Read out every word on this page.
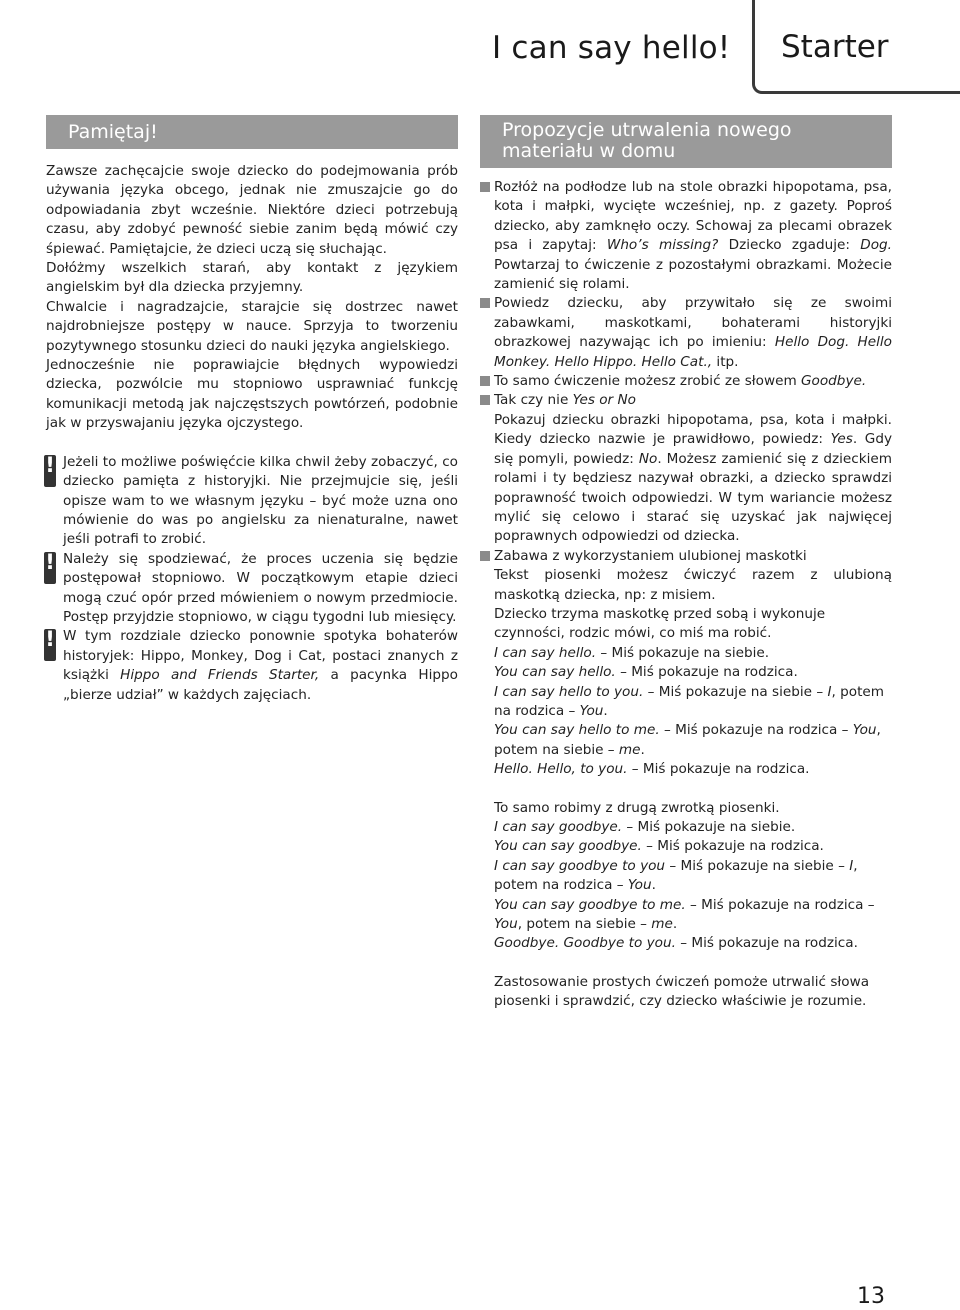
I can say hello! Starter
Pamiętaj!

Zawsze zachęcajcie swoje dziecko do podejmowania prób używania języka obcego, jednak nie zmuszajcie go do odpowiadania zbyt wcześnie. Niektóre dzieci potrzebują czasu, aby zdobyć pewność siebie zanim będą mówić czy śpiewać. Pamiętajcie, że dzieci uczą się słuchając.

Dołóżmy wszelkich starań, aby kontakt z językiem angielskim był dla dziecka przyjemny.

Chwalcie i nagradzajcie, starajcie się dostrzec nawet najdrobniejsze postępy w nauce. Sprzyja to tworzeniu pozytywnego stosunku dzieci do nauki języka angielskiego.

Jednocześnie nie poprawiajcie błędnych wypowiedzi dziecka, pozwólcie mu stopniowo usprawniać funkcję komunikacji metodą jak najczęstszych powtórzeń, podobnie jak w przyswajaniu języka ojczystego.

!
Jeżeli to możliwe poświęćcie kilka chwil żeby zobaczyć, co dziecko pamięta z historyjki. Nie przejmujcie się, jeśli opisze wam to we własnym języku – być może uzna ono mówienie do was po angielsku za nienaturalne, nawet jeśli potrafi to zrobić.

!
Należy się spodziewać, że proces uczenia się będzie postępował stopniowo. W początkowym etapie dzieci mogą czuć opór przed mówieniem o nowym przedmiocie. Postęp przyjdzie stopniowo, w ciągu tygodni lub miesięcy.

!
W tym rozdziale dziecko ponownie spotyka bohaterów historyjek: Hippo, Monkey, Dog i Cat, postaci znanych z książki Hippo and Friends Starter, a pacynka Hippo „bierze udział” w każdych zajęciach.

Propozycje utrwalenia nowego
materiału w domu

Rozłóż na podłodze lub na stole obrazki hipopotama, psa, kota i małpki, wycięte wcześniej, np. z gazety. Poproś dziecko, aby zamknęło oczy. Schowaj za plecami obrazek psa i zapytaj: Who’s missing? Dziecko zgaduje: Dog. Powtarzaj to ćwiczenie z pozostałymi obrazkami. Możecie zamienić się rolami.

Powiedz dziecku, aby przywitało się ze swoimi zabawkami, maskotkami, bohaterami historyjki obrazkowej nazywając ich po imieniu: Hello Dog. Hello Monkey. Hello Hippo. Hello Cat., itp.

To samo ćwiczenie możesz zrobić ze słowem Goodbye.

Tak czy nie Yes or No

Pokazuj dziecku obrazki hipopotama, psa, kota i małpki. Kiedy dziecko nazwie je prawidłowo, powiedz: Yes. Gdy się pomyli, powiedz: No. Możesz zamienić się z dzieckiem rolami i ty będziesz nazywał obrazki, a dziecko sprawdzi poprawność twoich odpowiedzi. W tym wariancie możesz mylić się celowo i starać się uzyskać jak najwięcej poprawnych odpowiedzi od dziecka.

Zabawa z wykorzystaniem ulubionej maskotki

Tekst piosenki możesz ćwiczyć razem z ulubioną maskotką dziecka, np: z misiem.

Dziecko trzyma maskotkę przed sobą i wykonuje czynności, rodzic mówi, co miś ma robić.

I can say hello. – Miś pokazuje na siebie.

You can say hello. – Miś pokazuje na rodzica.

I can say hello to you. – Miś pokazuje na siebie – I, potem na rodzica – You.

You can say hello to me. – Miś pokazuje na rodzica – You, potem na siebie – me.

Hello. Hello, to you. – Miś pokazuje na rodzica.

To samo robimy z drugą zwrotką piosenki.

I can say goodbye. – Miś pokazuje na siebie.

You can say goodbye. – Miś pokazuje na rodzica.

I can say goodbye to you – Miś pokazuje na siebie – I, potem na rodzica – You.

You can say goodbye to me. – Miś pokazuje na rodzica – You, potem na siebie – me.

Goodbye. Goodbye to you. – Miś pokazuje na rodzica.

Zastosowanie prostych ćwiczeń pomoże utrwalić słowa piosenki i sprawdzić, czy dziecko właściwie je rozumie.

13
